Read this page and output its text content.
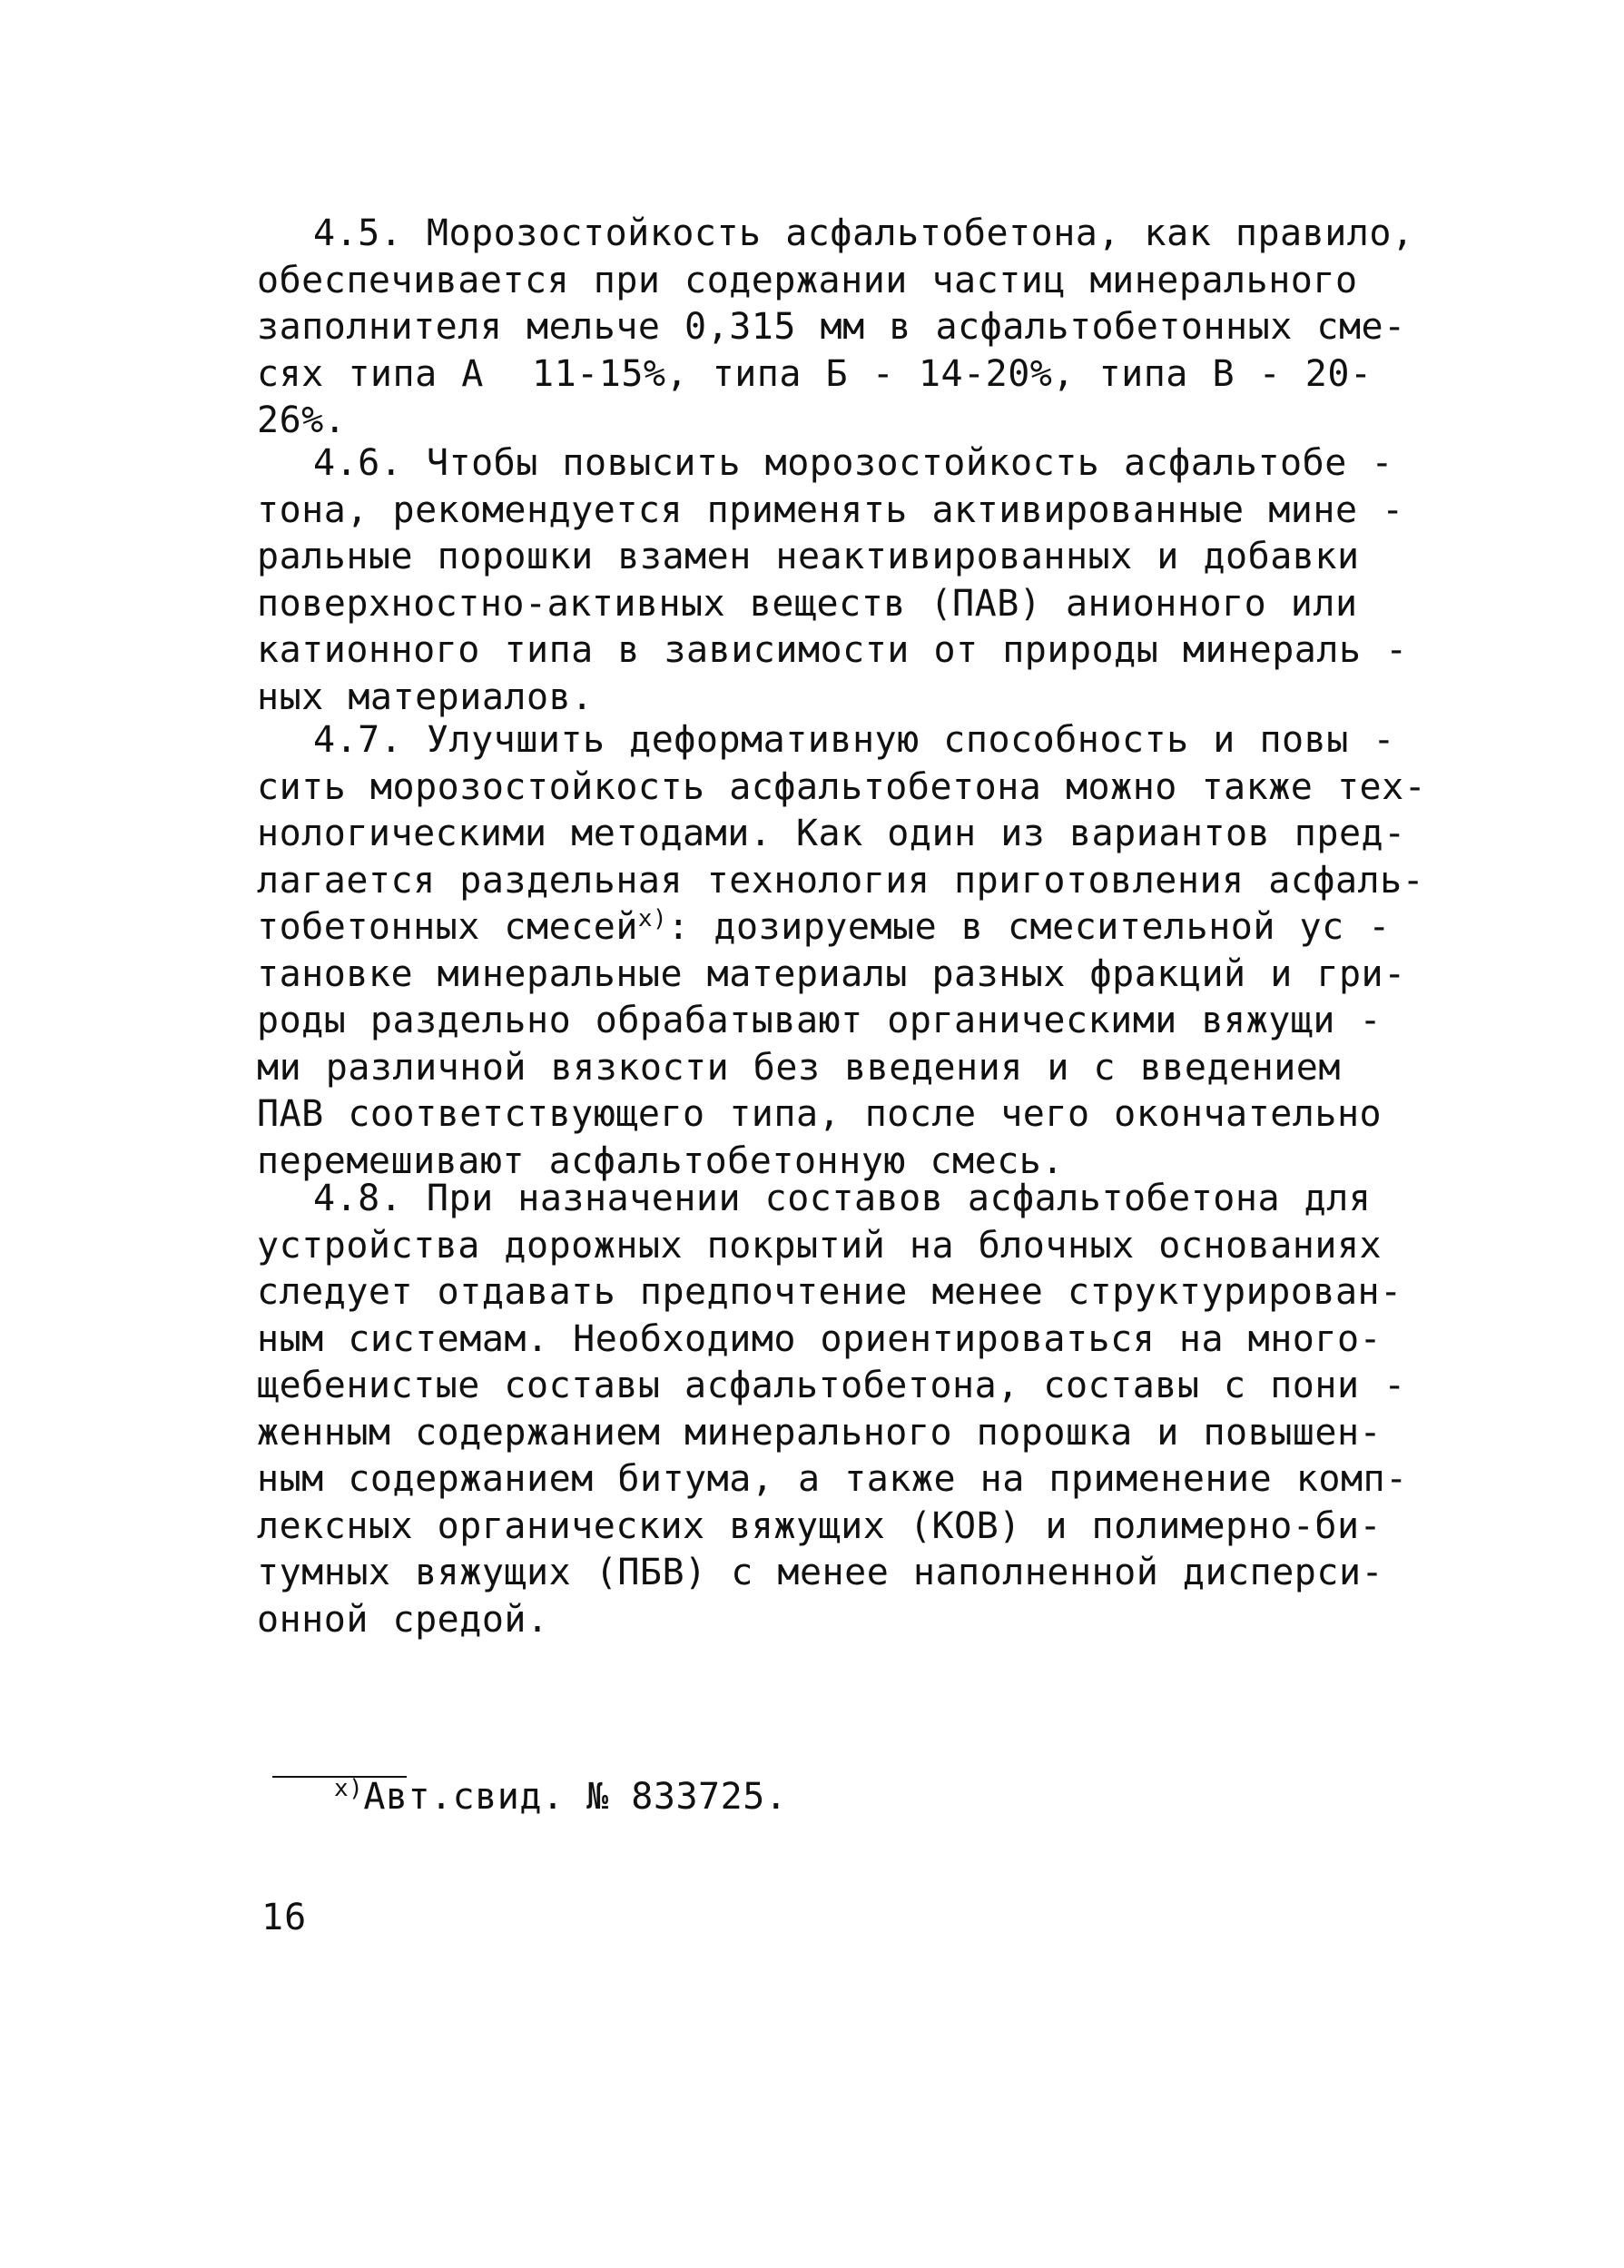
4.5. Морозостойкость асфальтобетона, как правило,
обеспечивается при содержании частиц минерального
заполнителя мельче 0,315 мм в асфальтобетонных сме-
сях типа А  11-15%, типа Б - 14-20%, типа В - 20-
26%.
4.6. Чтобы повысить морозостойкость асфальтобе -
тона, рекомендуется применять активированные мине -
ральные порошки взамен неактивированных и добавки
поверхностно-активных веществ (ПАВ) анионного или
катионного типа в зависимости от природы минераль -
ных материалов.
4.7. Улучшить деформативную способность и повы -
сить морозостойкость асфальтобетона можно также тех-
нологическими методами. Как один из вариантов пред-
лагается раздельная технология приготовления асфаль-
тобетонных смесей$^{х)}$: дозируемые в смесительной ус -
тановке минеральные материалы разных фракций и гри-
роды раздельно обрабатывают органическими вяжущи -
ми различной вязкости без введения и с введением
ПАВ соответствующего типа, после чего окончательно
перемешивают асфальтобетонную смесь.
4.8. При назначении составов асфальтобетона для
устройства дорожных покрытий на блочных основаниях
следует отдавать предпочтение менее структурирован-
ным системам. Необходимо ориентироваться на много-
щебенистые составы асфальтобетона, составы с пони -
женным содержанием минерального порошка и повышен-
ным содержанием битума, а также на применение комп-
лексных органических вяжущих (КОВ) и полимерно-би-
тумных вяжущих (ПБВ) с менее наполненной дисперси-
онной средой.
$^{х)}$Авт.свид. № 833725.
16
